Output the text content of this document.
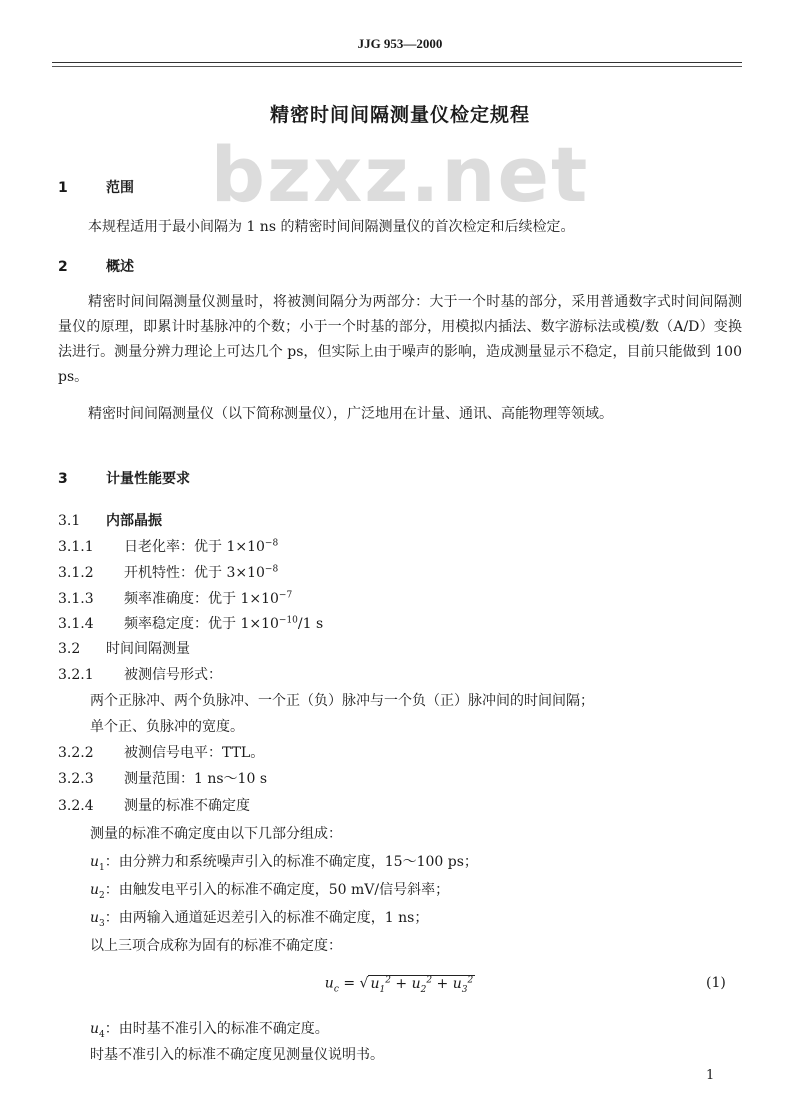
JJG 953—2000
精密时间间隔测量仪检定规程
bzxz.net
1	范围
本规程适用于最小间隔为 1 ns 的精密时间间隔测量仪的首次检定和后续检定。
2	概述
精密时间间隔测量仪测量时，将被测间隔分为两部分：大于一个时基的部分，采用普通数字式时间间隔测量仪的原理，即累计时基脉冲的个数；小于一个时基的部分，用模拟内插法、数字游标法或模/数（A/D）变换法进行。测量分辨力理论上可达几个 ps，但实际上由于噪声的影响，造成测量显示不稳定，目前只能做到 100 ps。
精密时间间隔测量仪（以下简称测量仪），广泛地用在计量、通讯、高能物理等领域。
3	计量性能要求
3.1 内部晶振
3.1.1 日老化率：优于 $1\times 10^{-8}$
3.1.2 开机特性：优于 $3\times 10^{-8}$
3.1.3 频率准确度：优于 $1\times 10^{-7}$
3.1.4 频率稳定度：优于 $1\times 10^{-10}/1$ s
3.2 时间间隔测量
3.2.1 被测信号形式：
两个正脉冲、两个负脉冲、一个正（负）脉冲与一个负（正）脉冲间的时间间隔；
单个正、负脉冲的宽度。
3.2.2 被测信号电平：TTL。
3.2.3 测量范围：1 ns～10 s
3.2.4 测量的标准不确定度
测量的标准不确定度由以下几部分组成：
$u_1$：由分辨力和系统噪声引入的标准不确定度，15～100 ps；
$u_2$：由触发电平引入的标准不确定度，50 mV/信号斜率；
$u_3$：由两输入通道延迟差引入的标准不确定度，1 ns；
以上三项合成称为固有的标准不确定度：
$u_c$ = √ $u_1^2 + u_2^2 + u_3^2$	(1)
$u_4$：由时基不准引入的标准不确定度。
时基不准引入的标准不确定度见测量仪说明书。
1
